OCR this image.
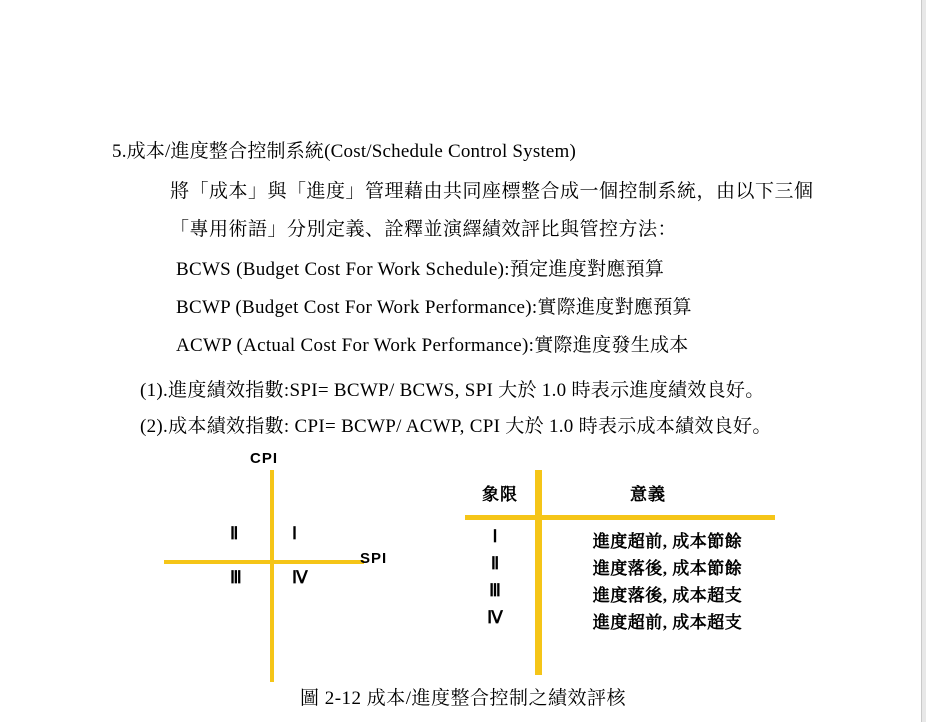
5.成本/進度整合控制系統(Cost/Schedule Control System)
將「成本」與「進度」管理藉由共同座標整合成一個控制系統，由以下三個
「專用術語」分別定義、詮釋並演繹績效評比與管控方法：
BCWS (Budget Cost For Work Schedule):預定進度對應預算
BCWP (Budget Cost For Work Performance):實際進度對應預算
ACWP (Actual Cost For Work Performance):實際進度發生成本
(1).進度績效指數:SPI= BCWP/ BCWS, SPI 大於 1.0 時表示進度績效良好。
(2).成本績效指數: CPI= BCWP/ ACWP, CPI 大於 1.0 時表示成本績效良好。
CPI
SPI
Ⅱ	Ⅰ
Ⅲ	Ⅳ
象限	意義
Ⅰ	進度超前, 成本節餘
Ⅱ	進度落後, 成本節餘
Ⅲ	進度落後, 成本超支
Ⅳ	進度超前, 成本超支
圖 2-12 成本/進度整合控制之績效評核
